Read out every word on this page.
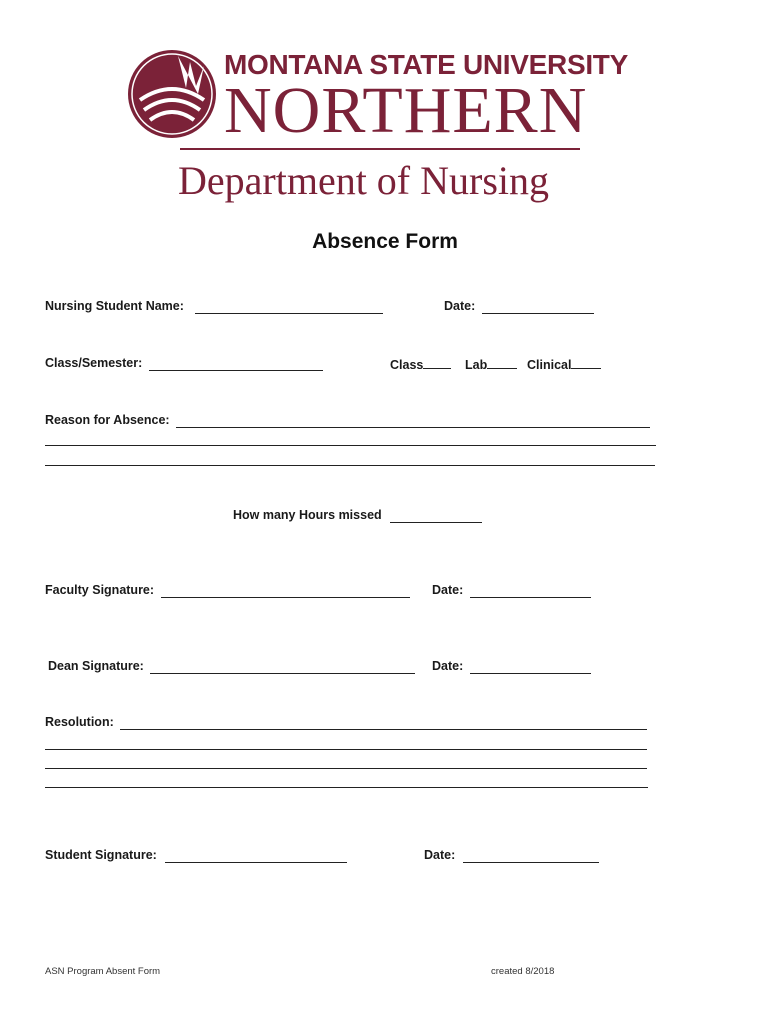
MONTANA STATE UNIVERSITY
NORTHERN
Department of Nursing
Absence Form
Nursing Student Name:	Date:
Class/Semester:	Class	Lab	Clinical
Reason for Absence:
How many Hours missed
Faculty Signature:	Date:
Dean Signature:	Date:
Resolution:
Student Signature:	Date:
ASN Program Absent Form	created 8/2018
